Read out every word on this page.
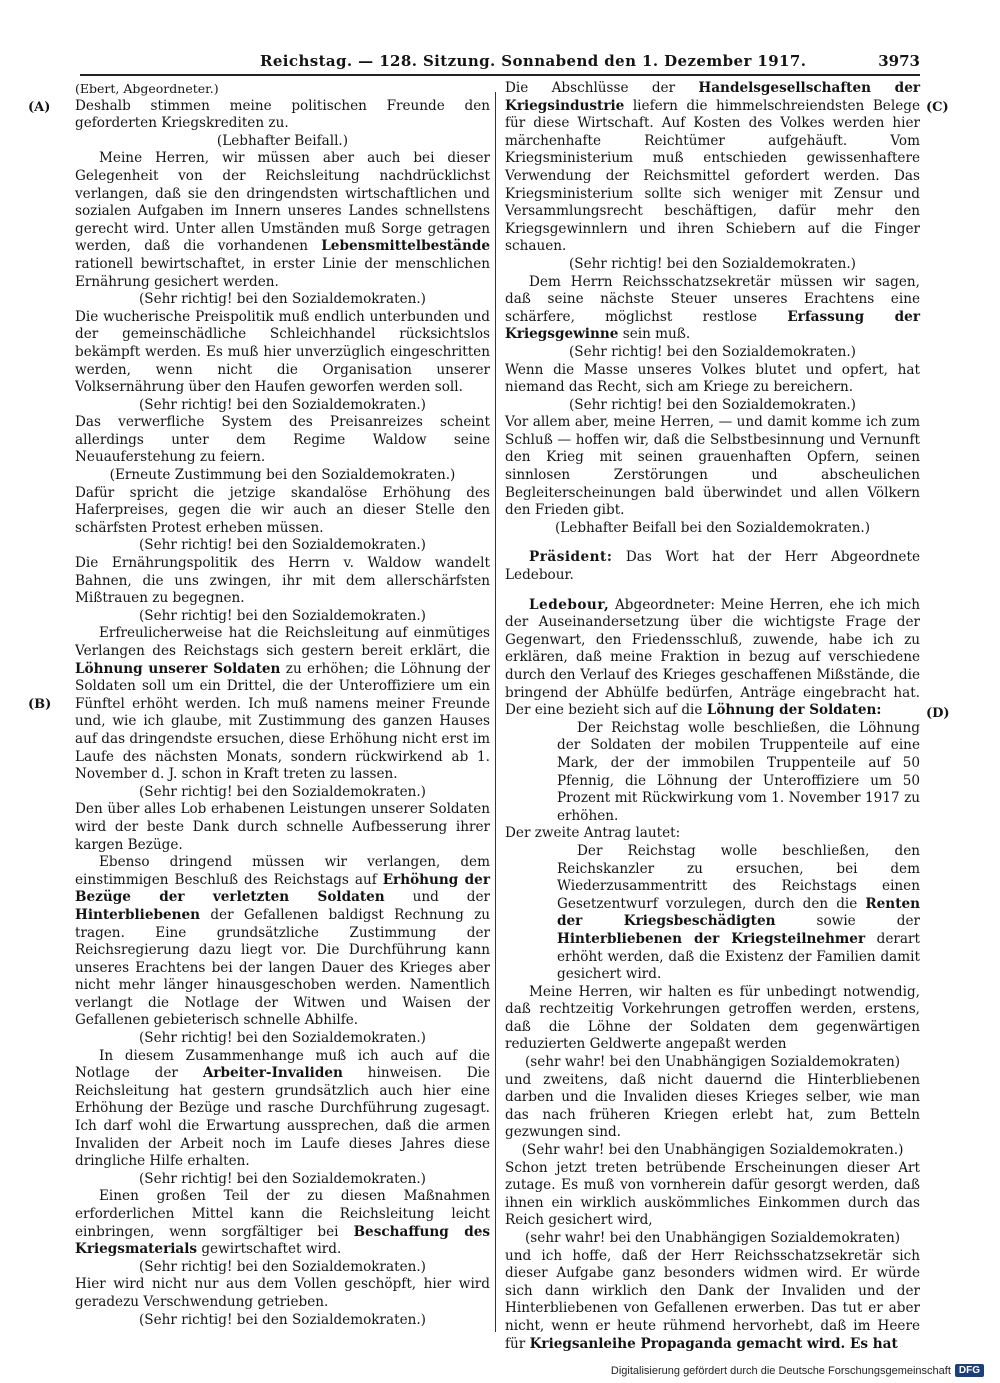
Reichstag. — 128. Sitzung. Sonnabend den 1. Dezember 1917.	3973
(A)
(B)
(C)
(D)

(Ebert, Abgeordneter.)

Deshalb stimmen meine politischen Freunde den geforderten Kriegskrediten zu.

(Lebhafter Beifall.)

Meine Herren, wir müssen aber auch bei dieser Gelegenheit von der Reichsleitung nachdrücklichst verlangen, daß sie den dringendsten wirtschaftlichen und sozialen Aufgaben im Innern unseres Landes schnellstens gerecht wird. Unter allen Umständen muß Sorge getragen werden, daß die vorhandenen Lebensmittelbestände rationell bewirtschaftet, in erster Linie der menschlichen Ernährung gesichert werden.

(Sehr richtig! bei den Sozialdemokraten.)

Die wucherische Preispolitik muß endlich unterbunden und der gemeinschädliche Schleichhandel rücksichtslos bekämpft werden. Es muß hier unverzüglich eingeschritten werden, wenn nicht die Organisation unserer Volksernährung über den Haufen geworfen werden soll.

(Sehr richtig! bei den Sozialdemokraten.)

Das verwerfliche System des Preisanreizes scheint allerdings unter dem Regime Waldow seine Neuauferstehung zu feiern.

(Erneute Zustimmung bei den Sozialdemokraten.)

Dafür spricht die jetzige skandalöse Erhöhung des Haferpreises, gegen die wir auch an dieser Stelle den schärfsten Protest erheben müssen.

(Sehr richtig! bei den Sozialdemokraten.)

Die Ernährungspolitik des Herrn v. Waldow wandelt Bahnen, die uns zwingen, ihr mit dem allerschärfsten Mißtrauen zu begegnen.

(Sehr richtig! bei den Sozialdemokraten.)

Erfreulicherweise hat die Reichsleitung auf einmütiges Verlangen des Reichstags sich gestern bereit erklärt, die Löhnung unserer Soldaten zu erhöhen; die Löhnung der Soldaten soll um ein Drittel, die der Unteroffiziere um ein Fünftel erhöht werden. Ich muß namens meiner Freunde und, wie ich glaube, mit Zustimmung des ganzen Hauses auf das dringendste ersuchen, diese Erhöhung nicht erst im Laufe des nächsten Monats, sondern rückwirkend ab 1. November d. J. schon in Kraft treten zu lassen.

(Sehr richtig! bei den Sozialdemokraten.)

Den über alles Lob erhabenen Leistungen unserer Soldaten wird der beste Dank durch schnelle Aufbesserung ihrer kargen Bezüge.

Ebenso dringend müssen wir verlangen, dem einstimmigen Beschluß des Reichstags auf Erhöhung der Bezüge der verletzten Soldaten und der Hinterbliebenen der Gefallenen baldigst Rechnung zu tragen. Eine grundsätzliche Zustimmung der Reichsregierung dazu liegt vor. Die Durchführung kann unseres Erachtens bei der langen Dauer des Krieges aber nicht mehr länger hinausgeschoben werden. Namentlich verlangt die Notlage der Witwen und Waisen der Gefallenen gebieterisch schnelle Abhilfe.

(Sehr richtig! bei den Sozialdemokraten.)

In diesem Zusammenhange muß ich auch auf die Notlage der Arbeiter-Invaliden hinweisen. Die Reichsleitung hat gestern grundsätzlich auch hier eine Erhöhung der Bezüge und rasche Durchführung zugesagt. Ich darf wohl die Erwartung aussprechen, daß die armen Invaliden der Arbeit noch im Laufe dieses Jahres diese dringliche Hilfe erhalten.

(Sehr richtig! bei den Sozialdemokraten.)

Einen großen Teil der zu diesen Maßnahmen erforderlichen Mittel kann die Reichsleitung leicht einbringen, wenn sorgfältiger bei Beschaffung des Kriegsmaterials gewirtschaftet wird.

(Sehr richtig! bei den Sozialdemokraten.)

Hier wird nicht nur aus dem Vollen geschöpft, hier wird geradezu Verschwendung getrieben.

(Sehr richtig! bei den Sozialdemokraten.)

Die Abschlüsse der Handelsgesellschaften der Kriegsindustrie liefern die himmelschreiendsten Belege für diese Wirtschaft. Auf Kosten des Volkes werden hier märchenhafte Reichtümer aufgehäuft. Vom Kriegsministerium muß entschieden gewissenhaftere Verwendung der Reichsmittel gefordert werden. Das Kriegsministerium sollte sich weniger mit Zensur und Versammlungsrecht beschäftigen, dafür mehr den Kriegsgewinnlern und ihren Schiebern auf die Finger schauen.

(Sehr richtig! bei den Sozialdemokraten.)

Dem Herrn Reichsschatzsekretär müssen wir sagen, daß seine nächste Steuer unseres Erachtens eine schärfere, möglichst restlose Erfassung der Kriegsgewinne sein muß.

(Sehr richtig! bei den Sozialdemokraten.)

Wenn die Masse unseres Volkes blutet und opfert, hat niemand das Recht, sich am Kriege zu bereichern.

(Sehr richtig! bei den Sozialdemokraten.)

Vor allem aber, meine Herren, — und damit komme ich zum Schluß — hoffen wir, daß die Selbstbesinnung und Vernunft den Krieg mit seinen grauenhaften Opfern, seinen sinnlosen Zerstörungen und abscheulichen Begleiterscheinungen bald überwindet und allen Völkern den Frieden gibt.

(Lebhafter Beifall bei den Sozialdemokraten.)

Präsident: Das Wort hat der Herr Abgeordnete Ledebour.

Ledebour, Abgeordneter: Meine Herren, ehe ich mich der Auseinandersetzung über die wichtigste Frage der Gegenwart, den Friedensschluß, zuwende, habe ich zu erklären, daß meine Fraktion in bezug auf verschiedene durch den Verlauf des Krieges geschaffenen Mißstände, die bringend der Abhülfe bedürfen, Anträge eingebracht hat. Der eine bezieht sich auf die Löhnung der Soldaten:

Der Reichstag wolle beschließen, die Löhnung der Soldaten der mobilen Truppenteile auf eine Mark, der der immobilen Truppenteile auf 50 Pfennig, die Löhnung der Unteroffiziere um 50 Prozent mit Rückwirkung vom 1. November 1917 zu erhöhen.

Der zweite Antrag lautet:

Der Reichstag wolle beschließen, den Reichskanzler zu ersuchen, bei dem Wiederzusammentritt des Reichstags einen Gesetzentwurf vorzulegen, durch den die Renten der Kriegsbeschädigten sowie der Hinterbliebenen der Kriegsteilnehmer derart erhöht werden, daß die Existenz der Familien damit gesichert wird.

Meine Herren, wir halten es für unbedingt notwendig, daß rechtzeitig Vorkehrungen getroffen werden, erstens, daß die Löhne der Soldaten dem gegenwärtigen reduzierten Geldwerte angepaßt werden

(sehr wahr! bei den Unabhängigen Sozialdemokraten)

und zweitens, daß nicht dauernd die Hinterbliebenen darben und die Invaliden dieses Krieges selber, wie man das nach früheren Kriegen erlebt hat, zum Betteln gezwungen sind.

(Sehr wahr! bei den Unabhängigen Sozialdemokraten.)

Schon jetzt treten betrübende Erscheinungen dieser Art zutage. Es muß von vornherein dafür gesorgt werden, daß ihnen ein wirklich auskömmliches Einkommen durch das Reich gesichert wird,

(sehr wahr! bei den Unabhängigen Sozialdemokraten)

und ich hoffe, daß der Herr Reichsschatzsekretär sich dieser Aufgabe ganz besonders widmen wird. Er würde sich dann wirklich den Dank der Invaliden und der Hinterbliebenen von Gefallenen erwerben. Das tut er aber nicht, wenn er heute rühmend hervorhebt, daß im Heere für Kriegsanleihe Propaganda gemacht wird. Es hat

Digitalisierung gefördert durch die Deutsche Forschungsgemeinschaft DFG
